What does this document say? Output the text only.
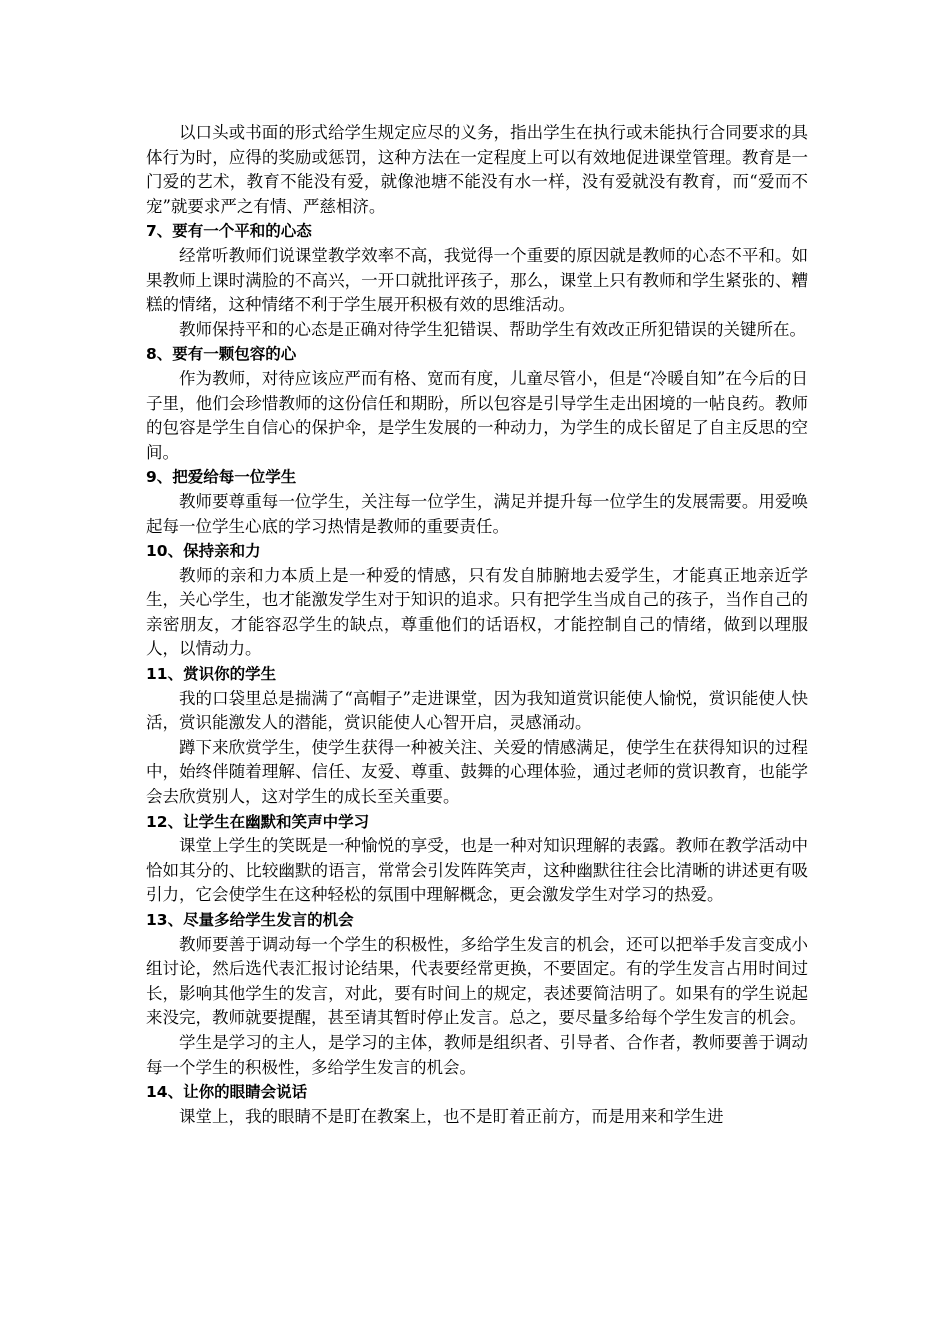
以口头或书面的形式给学生规定应尽的义务，指出学生在执行或未能执行合同要求的具体行为时，应得的奖励或惩罚，这种方法在一定程度上可以有效地促进课堂管理。教育是一门爱的艺术，教育不能没有爱，就像池塘不能没有水一样，没有爱就没有教育，而“爱而不宠”就要求严之有情、严慈相济。

7、要有一个平和的心态

经常听教师们说课堂教学效率不高，我觉得一个重要的原因就是教师的心态不平和。如果教师上课时满脸的不高兴，一开口就批评孩子，那么，课堂上只有教师和学生紧张的、糟糕的情绪，这种情绪不利于学生展开积极有效的思维活动。

教师保持平和的心态是正确对待学生犯错误、帮助学生有效改正所犯错误的关键所在。

8、要有一颗包容的心

作为教师，对待应该应严而有格、宽而有度，儿童尽管小，但是“冷暖自知”在今后的日子里，他们会珍惜教师的这份信任和期盼，所以包容是引导学生走出困境的一帖良药。教师的包容是学生自信心的保护伞，是学生发展的一种动力，为学生的成长留足了自主反思的空间。

9、把爱给每一位学生

教师要尊重每一位学生，关注每一位学生，满足并提升每一位学生的发展需要。用爱唤起每一位学生心底的学习热情是教师的重要责任。

10、保持亲和力

教师的亲和力本质上是一种爱的情感，只有发自肺腑地去爱学生，才能真正地亲近学生，关心学生，也才能激发学生对于知识的追求。只有把学生当成自己的孩子，当作自己的亲密朋友，才能容忍学生的缺点，尊重他们的话语权，才能控制自己的情绪，做到以理服人，以情动力。

11、赏识你的学生

我的口袋里总是揣满了“高帽子”走进课堂，因为我知道赏识能使人愉悦，赏识能使人快活，赏识能激发人的潜能，赏识能使人心智开启，灵感涌动。

蹲下来欣赏学生，使学生获得一种被关注、关爱的情感满足，使学生在获得知识的过程中，始终伴随着理解、信任、友爱、尊重、鼓舞的心理体验，通过老师的赏识教育，也能学会去欣赏别人，这对学生的成长至关重要。

12、让学生在幽默和笑声中学习

课堂上学生的笑既是一种愉悦的享受，也是一种对知识理解的表露。教师在教学活动中恰如其分的、比较幽默的语言，常常会引发阵阵笑声，这种幽默往往会比清晰的讲述更有吸引力，它会使学生在这种轻松的氛围中理解概念，更会激发学生对学习的热爱。

13、尽量多给学生发言的机会

教师要善于调动每一个学生的积极性，多给学生发言的机会，还可以把举手发言变成小组讨论，然后选代表汇报讨论结果，代表要经常更换，不要固定。有的学生发言占用时间过长，影响其他学生的发言，对此，要有时间上的规定，表述要简洁明了。如果有的学生说起来没完，教师就要提醒，甚至请其暂时停止发言。总之，要尽量多给每个学生发言的机会。

学生是学习的主人，是学习的主体，教师是组织者、引导者、合作者，教师要善于调动每一个学生的积极性，多给学生发言的机会。

14、让你的眼睛会说话

课堂上，我的眼睛不是盯在教案上，也不是盯着正前方，而是用来和学生进
